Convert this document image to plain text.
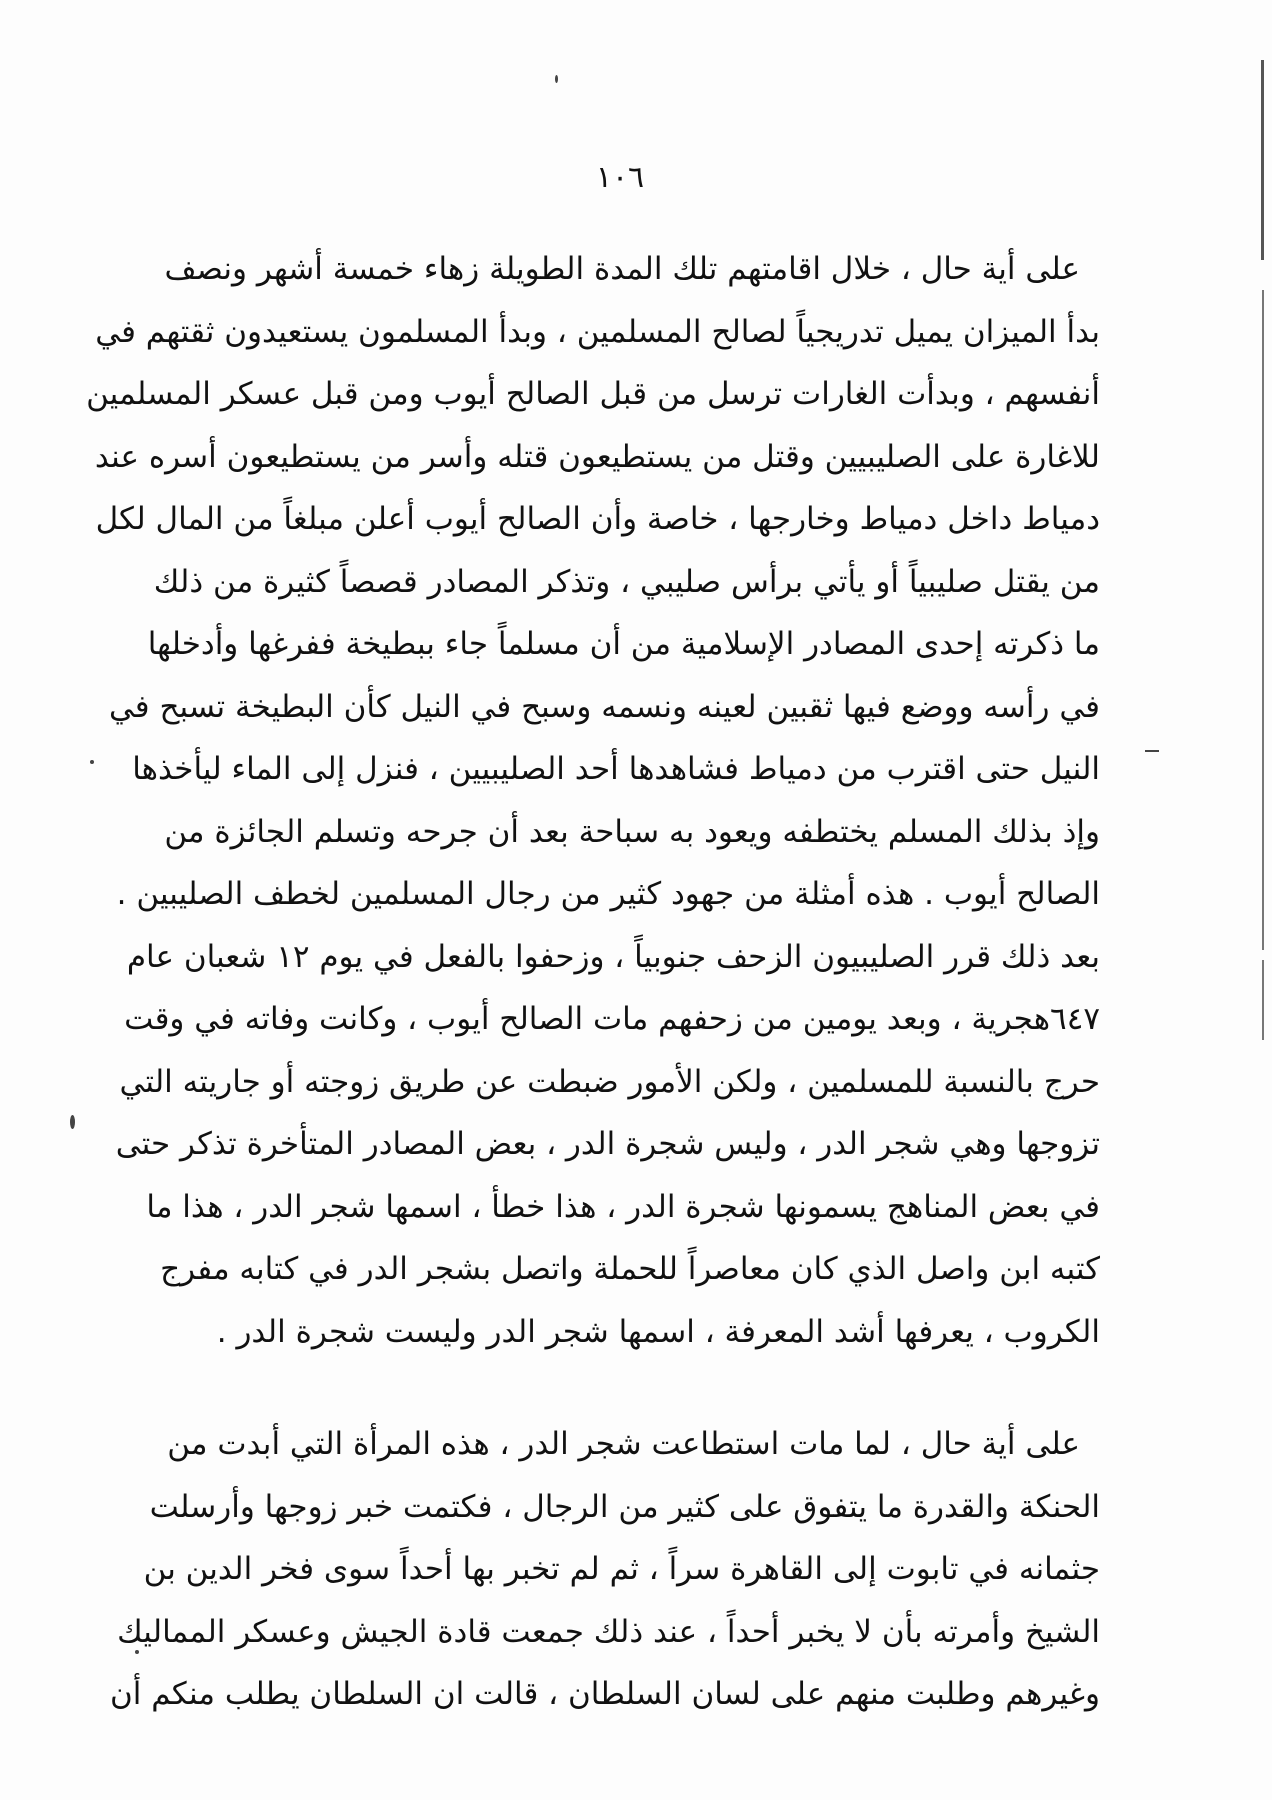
١٠٦
على أية حال ، خلال اقامتهم تلك المدة الطويلة زهاء خمسة أشهر ونصف
بدأ الميزان يميل تدريجياً لصالح المسلمين ، وبدأ المسلمون يستعيدون ثقتهم في
أنفسهم ، وبدأت الغارات ترسل من قبل الصالح أيوب ومن قبل عسكر المسلمين
للاغارة على الصليبيين وقتل من يستطيعون قتله وأسر من يستطيعون أسره عند
دمياط داخل دمياط وخارجها ، خاصة وأن الصالح أيوب أعلن مبلغاً من المال لكل
من يقتل صليبياً أو يأتي برأس صليبي ، وتذكر المصادر قصصاً كثيرة من ذلك
ما ذكرته إحدى المصادر الإسلامية من أن مسلماً جاء ببطيخة ففرغها وأدخلها
في رأسه ووضع فيها ثقبين لعينه ونسمه وسبح في النيل كأن البطيخة تسبح في
النيل حتى اقترب من دمياط فشاهدها أحد الصليبيين ، فنزل إلى الماء ليأخذها
وإذ بذلك المسلم يختطفه ويعود به سباحة بعد أن جرحه وتسلم الجائزة من
الصالح أيوب . هذه أمثلة من جهود كثير من رجال المسلمين لخطف الصليبين .
بعد ذلك قرر الصليبيون الزحف جنوبياً ، وزحفوا بالفعل في يوم ١٢ شعبان عام
٦٤٧هجرية ، وبعد يومين من زحفهم مات الصالح أيوب ، وكانت وفاته في وقت
حرج بالنسبة للمسلمين ، ولكن الأمور ضبطت عن طريق زوجته أو جاريته التي
تزوجها وهي شجر الدر ، وليس شجرة الدر ، بعض المصادر المتأخرة تذكر حتى
في بعض المناهج يسمونها شجرة الدر ، هذا خطأ ، اسمها شجر الدر ، هذا ما
كتبه ابن واصل الذي كان معاصراً للحملة واتصل بشجر الدر في كتابه مفرج
الكروب ، يعرفها أشد المعرفة ، اسمها شجر الدر وليست شجرة الدر .
على أية حال ، لما مات استطاعت شجر الدر ، هذه المرأة التي أبدت من
الحنكة والقدرة ما يتفوق على كثير من الرجال ، فكتمت خبر زوجها وأرسلت
جثمانه في تابوت إلى القاهرة سراً ، ثم لم تخبر بها أحداً سوى فخر الدين بن
الشيخ وأمرته بأن لا يخبر أحداً ، عند ذلك جمعت قادة الجيش وعسكر المماليك
وغيرهم وطلبت منهم على لسان السلطان ، قالت ان السلطان يطلب منكم أن
